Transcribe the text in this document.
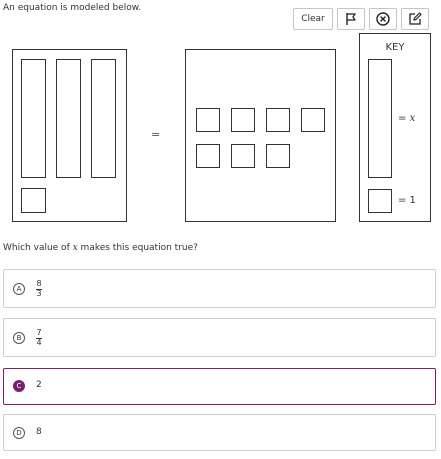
An equation is modeled below.
Clear
=
KEY
= x
= 1
Which value of x makes this equation true?
A	$\frac{8}{3}$
B	$\frac{7}{4}$
C	2
D	8
